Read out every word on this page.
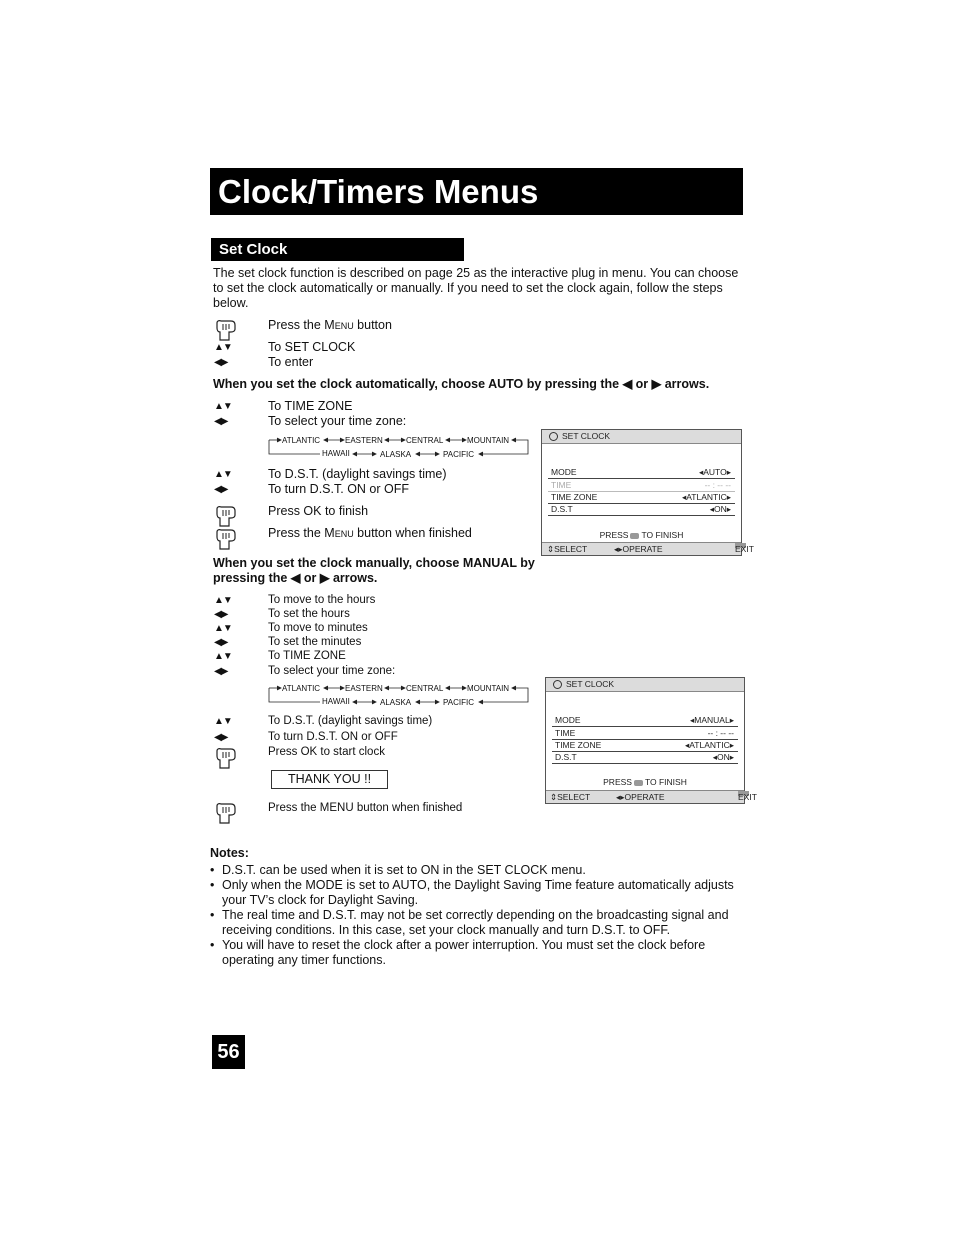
Clock/Timers Menus
Set Clock
The set clock function is described on page 25 as the interactive plug in menu. You can choose to set the clock automatically or manually. If you need to set the clock again, follow the steps below.
Press the Menu button
▲▼	To SET CLOCK
◀▶	To enter
When you set the clock automatically, choose AUTO by pressing the ◀ or ▶ arrows.
▲▼	To TIME ZONE
◀▶	To select your time zone:
ATLANTIC	EASTERN	CENTRAL	MOUNTAIN
HAWAII	ALASKA	PACIFIC
▲▼	To D.S.T. (daylight savings time)
◀▶	To turn D.S.T. ON or OFF
Press OK to finish
Press the Menu button when finished
SET CLOCK
MODE	◂AUTO▸
TIME	-- : -- --
TIME ZONE	◂ATLANTIC▸
D.S.T	◂ON▸
PRESS TO FINISH
⇕ SELECT	◂▸ OPERATE	EXIT
When you set the clock manually, choose MANUAL by pressing the ◀ or ▶ arrows.
▲▼	To move to the hours
◀▶	To set the hours
▲▼	To move to minutes
◀▶	To set the minutes
▲▼	To TIME ZONE
◀▶	To select your time zone:
ATLANTIC	EASTERN	CENTRAL	MOUNTAIN
HAWAII	ALASKA	PACIFIC
▲▼	To D.S.T. (daylight savings time)
◀▶	To turn D.S.T. ON or OFF
Press OK to start clock
THANK YOU !!
Press the MENU button when finished
SET CLOCK
MODE	◂MANUAL▸
TIME	-- : -- --
TIME ZONE	◂ATLANTIC▸
D.S.T	◂ON▸
PRESS TO FINISH
⇕ SELECT	◂▸ OPERATE	EXIT
Notes:
• D.S.T. can be used when it is set to ON in the SET CLOCK menu.
• Only when the MODE is set to AUTO, the Daylight Saving Time feature automatically adjusts your TV’s clock for Daylight Saving.
• The real time and D.S.T. may not be set correctly depending on the broadcasting signal and receiving conditions. In this case, set your clock manually and turn D.S.T. to OFF.
• You will have to reset the clock after a power interruption. You must set the clock before operating any timer functions.
56
